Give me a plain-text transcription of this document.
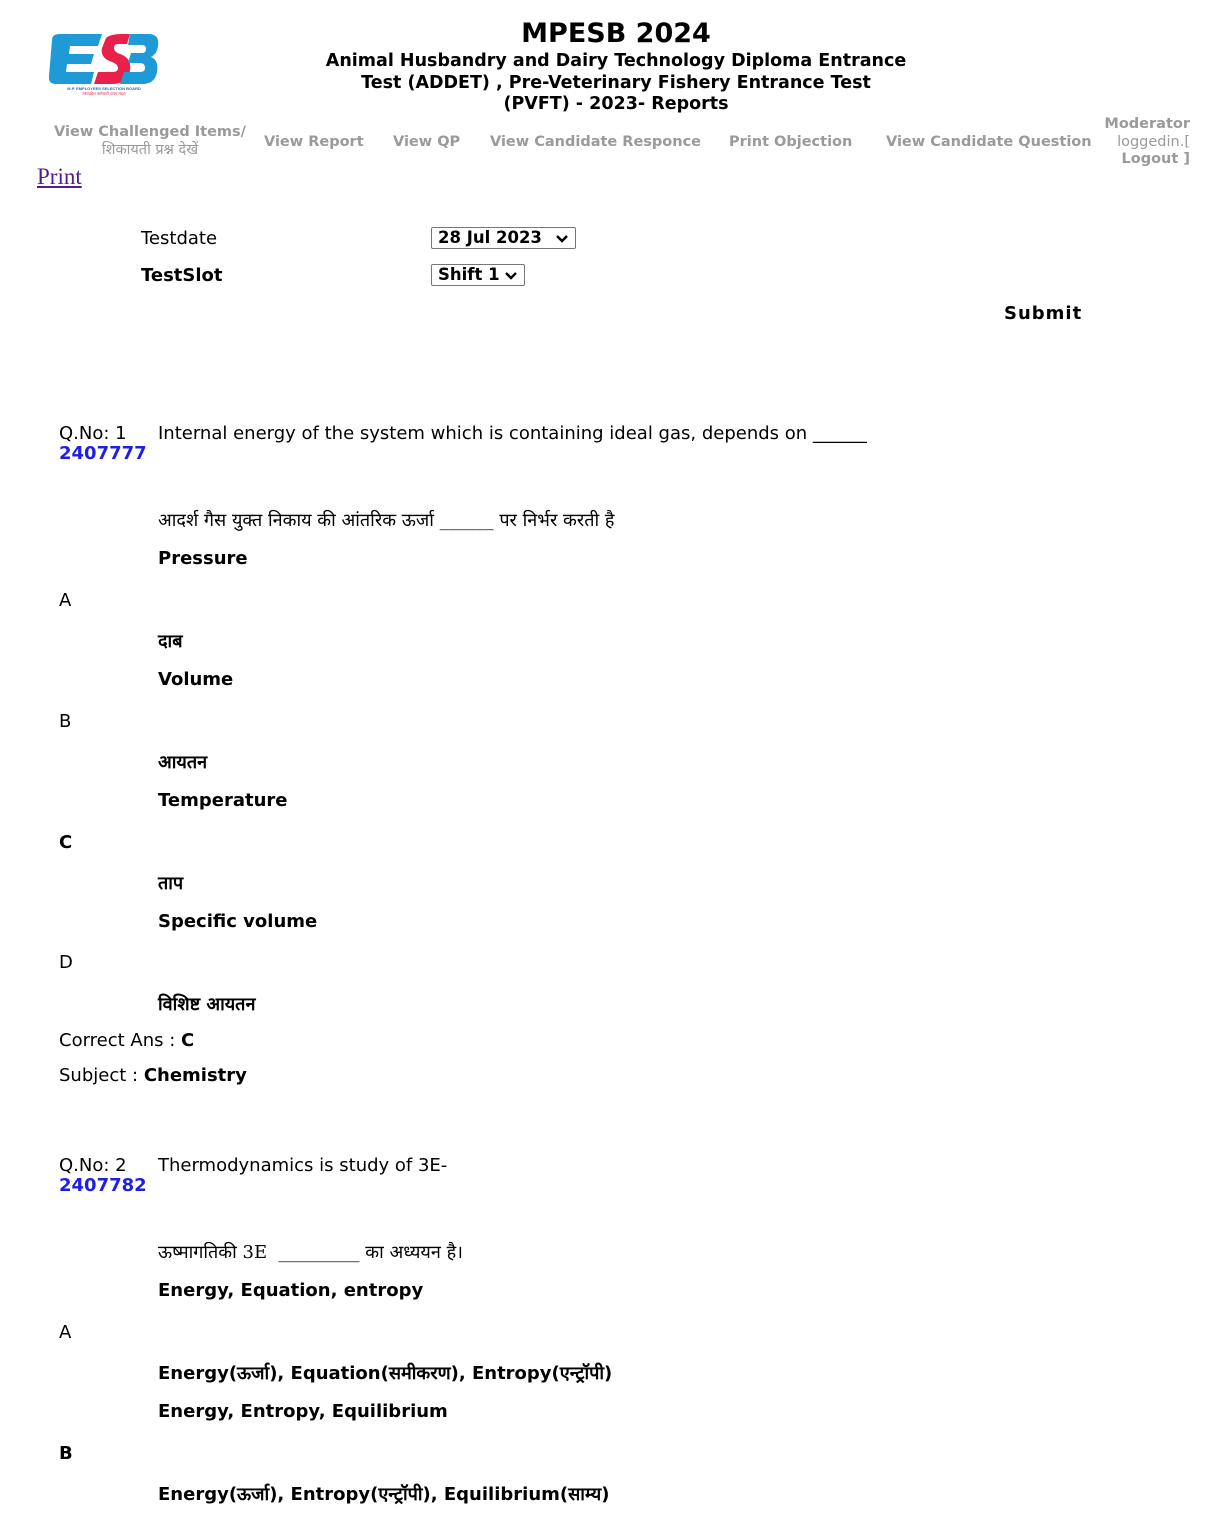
M.P. EMPLOYEES SELECTION BOARD
मध्यप्रदेश कर्मचारी चयन मंडल
MPESB 2024
Animal Husbandry and Dairy Technology Diploma Entrance
Test (ADDET) , Pre-Veterinary Fishery Entrance Test
(PVFT) - 2023- Reports
View Challenged Items/
शिकायती प्रश्न देखें	View Report View QP View Candidate Responce Print Objection View Candidate Question
Moderator
loggedin.[
Logout ]
Print
Testdate	28 Jul 2023
TestSlot	Shift 1
Submit
Q.No: 1
2407777
Internal energy of the system which is containing ideal gas, depends on ______
आदर्श गैस युक्त निकाय की आंतरिक ऊर्जा ______ पर निर्भर करती है
Pressure
A
दाब
Volume
B
आयतन
Temperature
C
ताप
Specific volume
D
विशिष्ट आयतन
Correct Ans : C
Subject : Chemistry
Q.No: 2
2407782
Thermodynamics is study of 3E-
ऊष्मागतिकी 3E  _________ का अध्ययन है।
Energy, Equation, entropy
A
Energy(ऊर्जा), Equation(समीकरण), Entropy(एन्ट्रॉपी)
Energy, Entropy, Equilibrium
B
Energy(ऊर्जा), Entropy(एन्ट्रॉपी), Equilibrium(साम्य)
